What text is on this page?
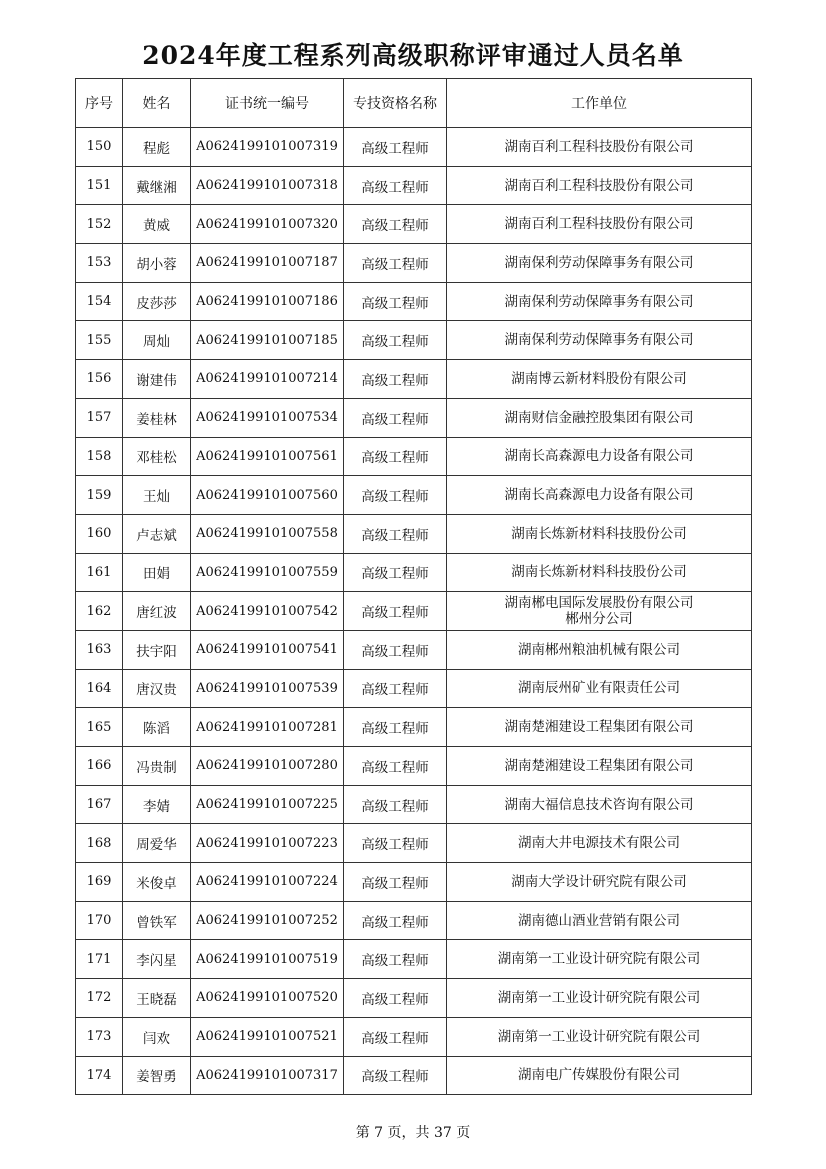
2024年度工程系列高级职称评审通过人员名单
序号	姓名	证书统一编号	专技资格名称	工作单位
150	程彪	A0624199101007319	高级工程师	湖南百利工程科技股份有限公司

151	戴继湘	A0624199101007318	高级工程师	湖南百利工程科技股份有限公司

152	黄威	A0624199101007320	高级工程师	湖南百利工程科技股份有限公司

153	胡小蓉	A0624199101007187	高级工程师	湖南保利劳动保障事务有限公司

154	皮莎莎	A0624199101007186	高级工程师	湖南保利劳动保障事务有限公司

155	周灿	A0624199101007185	高级工程师	湖南保利劳动保障事务有限公司

156	谢建伟	A0624199101007214	高级工程师	湖南博云新材料股份有限公司

157	姜桂林	A0624199101007534	高级工程师	湖南财信金融控股集团有限公司

158	邓桂松	A0624199101007561	高级工程师	湖南长高森源电力设备有限公司

159	王灿	A0624199101007560	高级工程师	湖南长高森源电力设备有限公司

160	卢志斌	A0624199101007558	高级工程师	湖南长炼新材料科技股份公司

161	田娟	A0624199101007559	高级工程师	湖南长炼新材料科技股份公司

162	唐红波	A0624199101007542	高级工程师	湖南郴电国际发展股份有限公司
郴州分公司

163	扶宇阳	A0624199101007541	高级工程师	湖南郴州粮油机械有限公司

164	唐汉贵	A0624199101007539	高级工程师	湖南辰州矿业有限责任公司

165	陈滔	A0624199101007281	高级工程师	湖南楚湘建设工程集团有限公司

166	冯贵制	A0624199101007280	高级工程师	湖南楚湘建设工程集团有限公司

167	李婧	A0624199101007225	高级工程师	湖南大福信息技术咨询有限公司

168	周爱华	A0624199101007223	高级工程师	湖南大井电源技术有限公司

169	米俊卓	A0624199101007224	高级工程师	湖南大学设计研究院有限公司

170	曾铁军	A0624199101007252	高级工程师	湖南德山酒业营销有限公司

171	李闪星	A0624199101007519	高级工程师	湖南第一工业设计研究院有限公司

172	王晓磊	A0624199101007520	高级工程师	湖南第一工业设计研究院有限公司

173	闫欢	A0624199101007521	高级工程师	湖南第一工业设计研究院有限公司

174	姜智勇	A0624199101007317	高级工程师	湖南电广传媒股份有限公司
第 7 页，共 37 页
